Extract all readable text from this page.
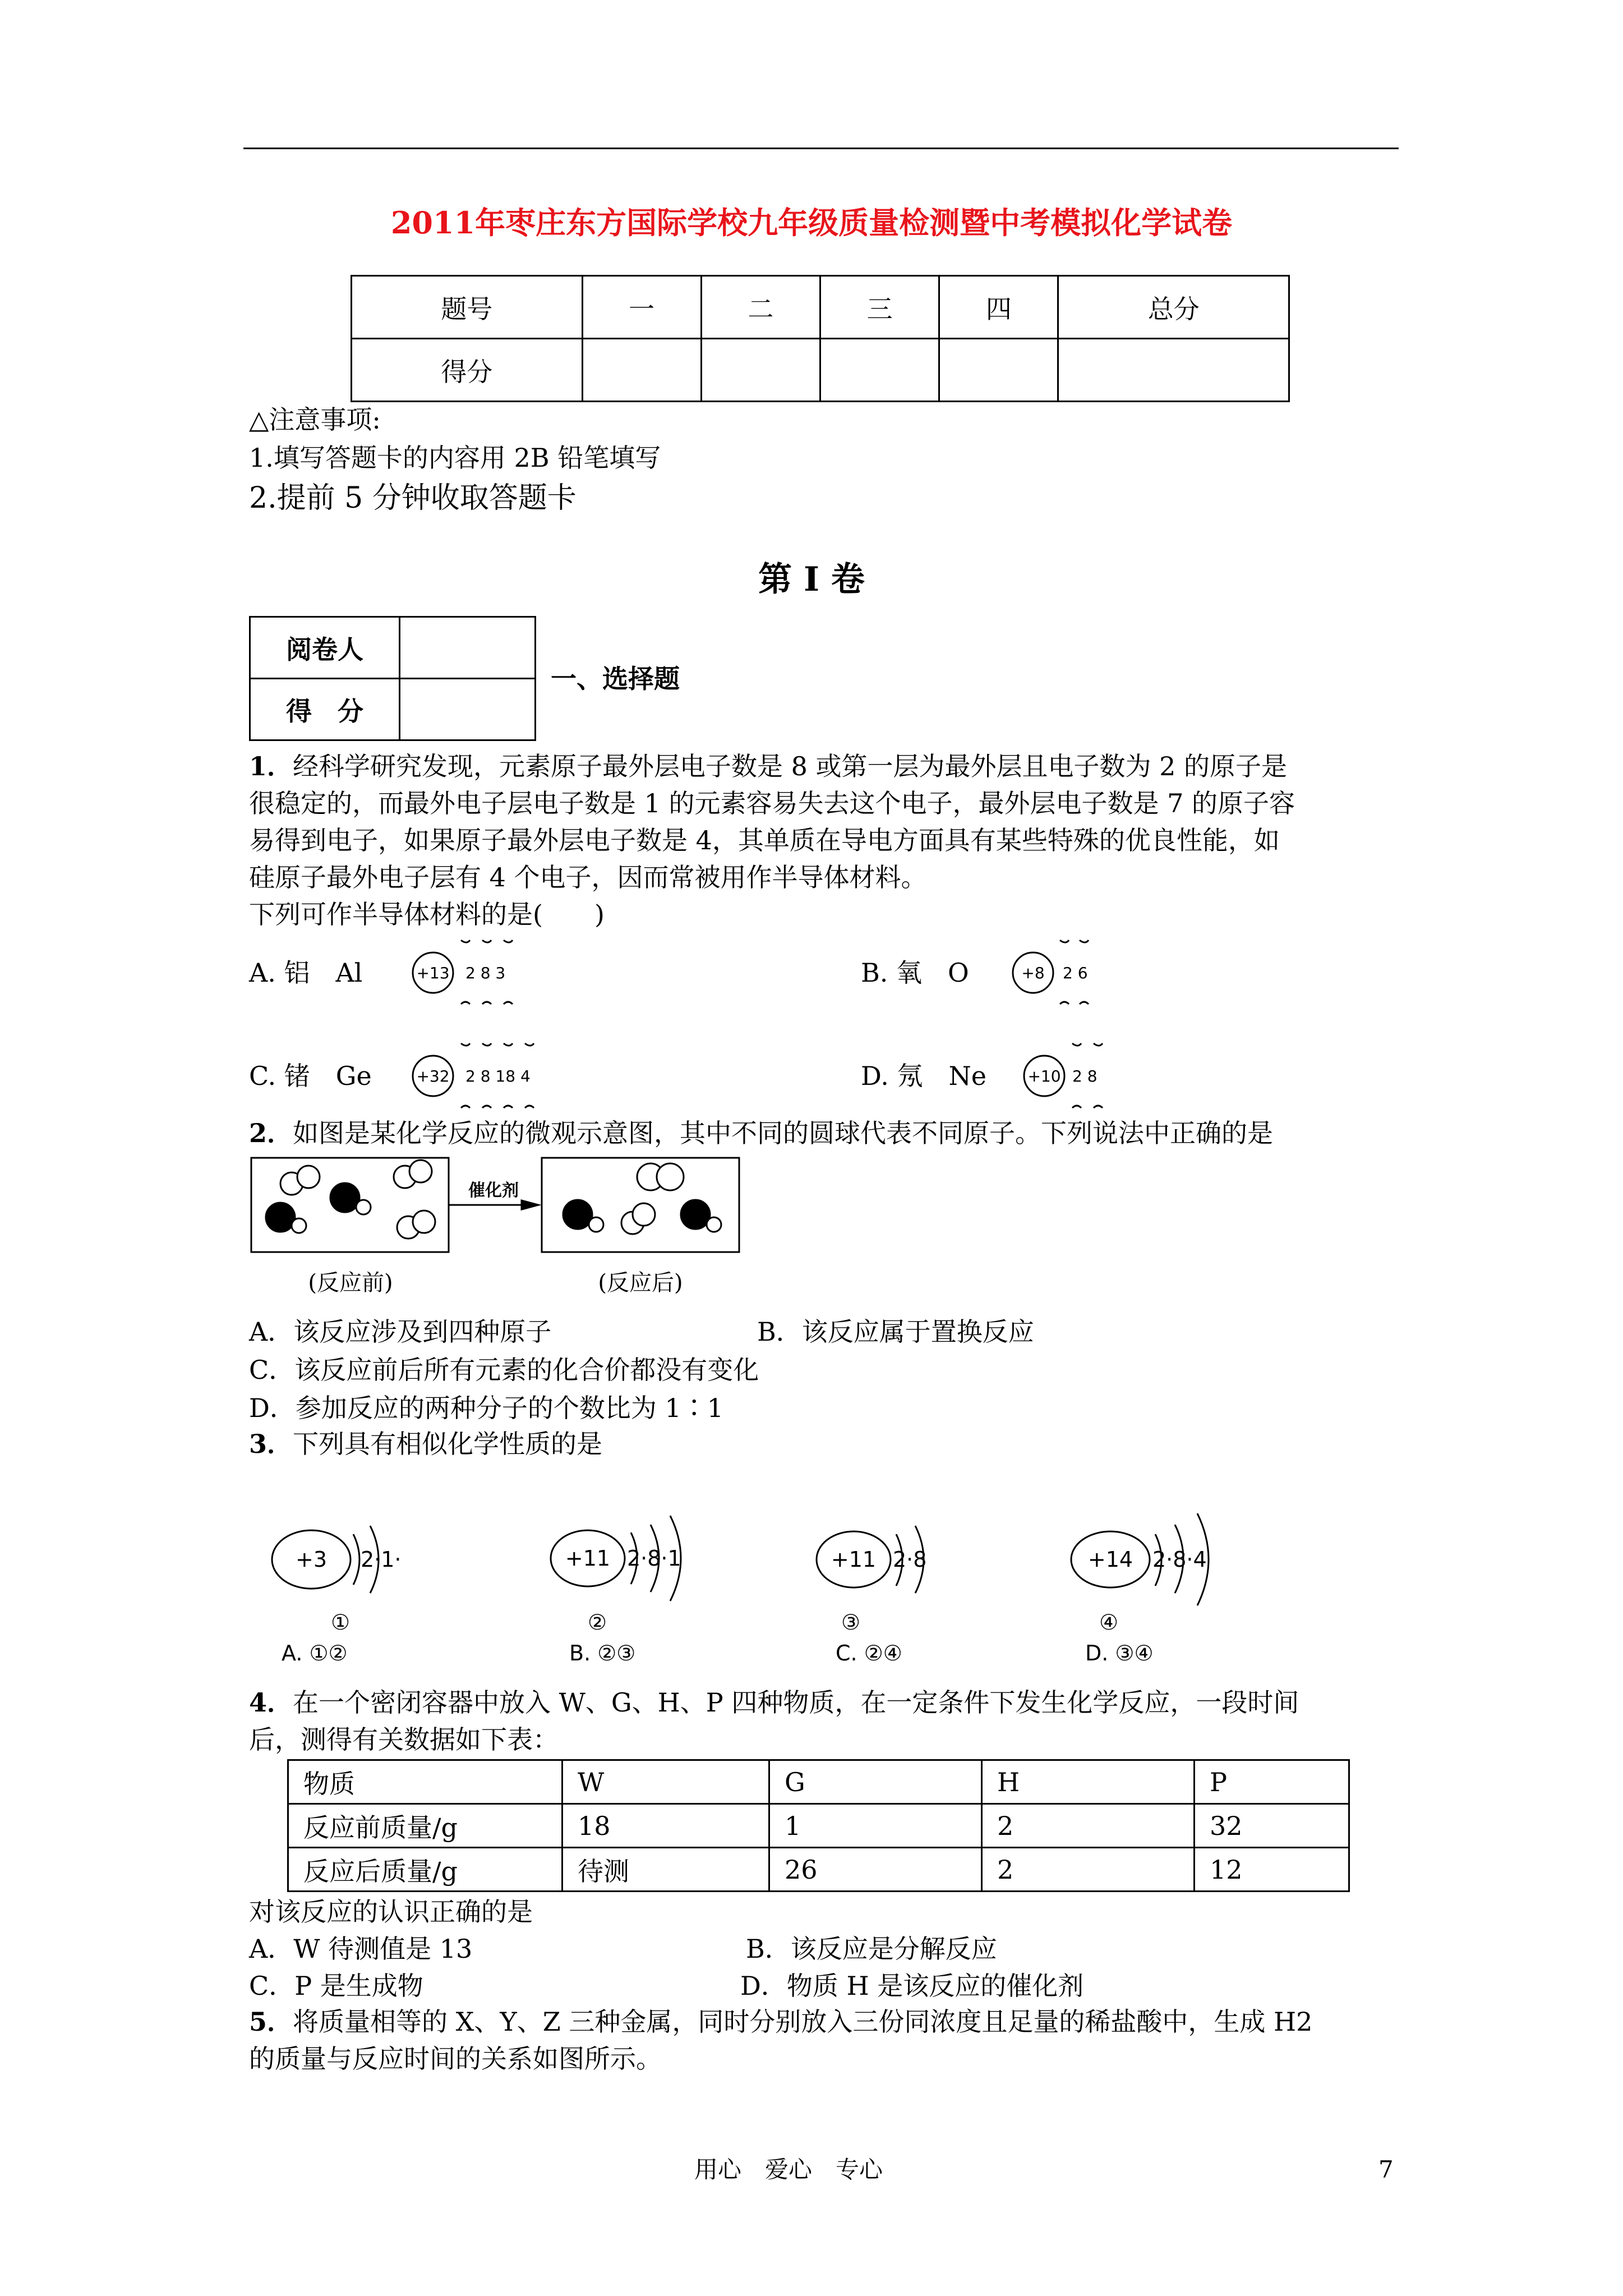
2011年枣庄东方国际学校九年级质量检测暨中考模拟化学试卷
题号	一	二	三	四	总分
得分					
△注意事项:
1.填写答题卡的内容用 2B 铅笔填写
2.提前 5 分钟收取答题卡
第 I 卷
阅卷人	
得　分	
一、选择题
1．经科学研究发现，元素原子最外层电子数是 8 或第一层为最外层且电子数为 2 的原子是
很稳定的，而最外电子层电子数是 1 的元素容易失去这个电子，最外层电子数是 7 的原子容
易得到电子，如果原子最外层电子数是 4，其单质在导电方面具有某些特殊的优良性能，如
硅原子最外电子层有 4 个电子，因而常被用作半导体材料。
下列可作半导体材料的是(　　)
A. 铝　Al	B. 氧　O
C. 锗　Ge	D. 氖　Ne
+13 2 8 3	+8 2 6
+32 2 8 18 4	+10 2 8
2．如图是某化学反应的微观示意图，其中不同的圆球代表不同原子。下列说法中正确的是
催化剂
(反应前)	(反应后)
A．该反应涉及到四种原子	B．该反应属于置换反应
C．该反应前后所有元素的化合价都没有变化
D．参加反应的两种分子的个数比为 1∶1
3．下列具有相似化学性质的是
+3 2·1·	+11 2·8·1	+11 2·8	+14 2·8·4
①	②	③	④
A. ①②	B. ②③	C. ②④	D. ③④
4．在一个密闭容器中放入 W、G、H、P 四种物质，在一定条件下发生化学反应，一段时间
后，测得有关数据如下表：
物质	W	G	H	P
反应前质量/g	18	1	2	32
反应后质量/g	待测	26	2	12
对该反应的认识正确的是
A．W 待测值是 13	B．该反应是分解反应
C．P 是生成物	D．物质 H 是该反应的催化剂
5．将质量相等的 X、Y、Z 三种金属，同时分别放入三份同浓度且足量的稀盐酸中，生成 H2
的质量与反应时间的关系如图所示。
用心　爱心　专心	7
